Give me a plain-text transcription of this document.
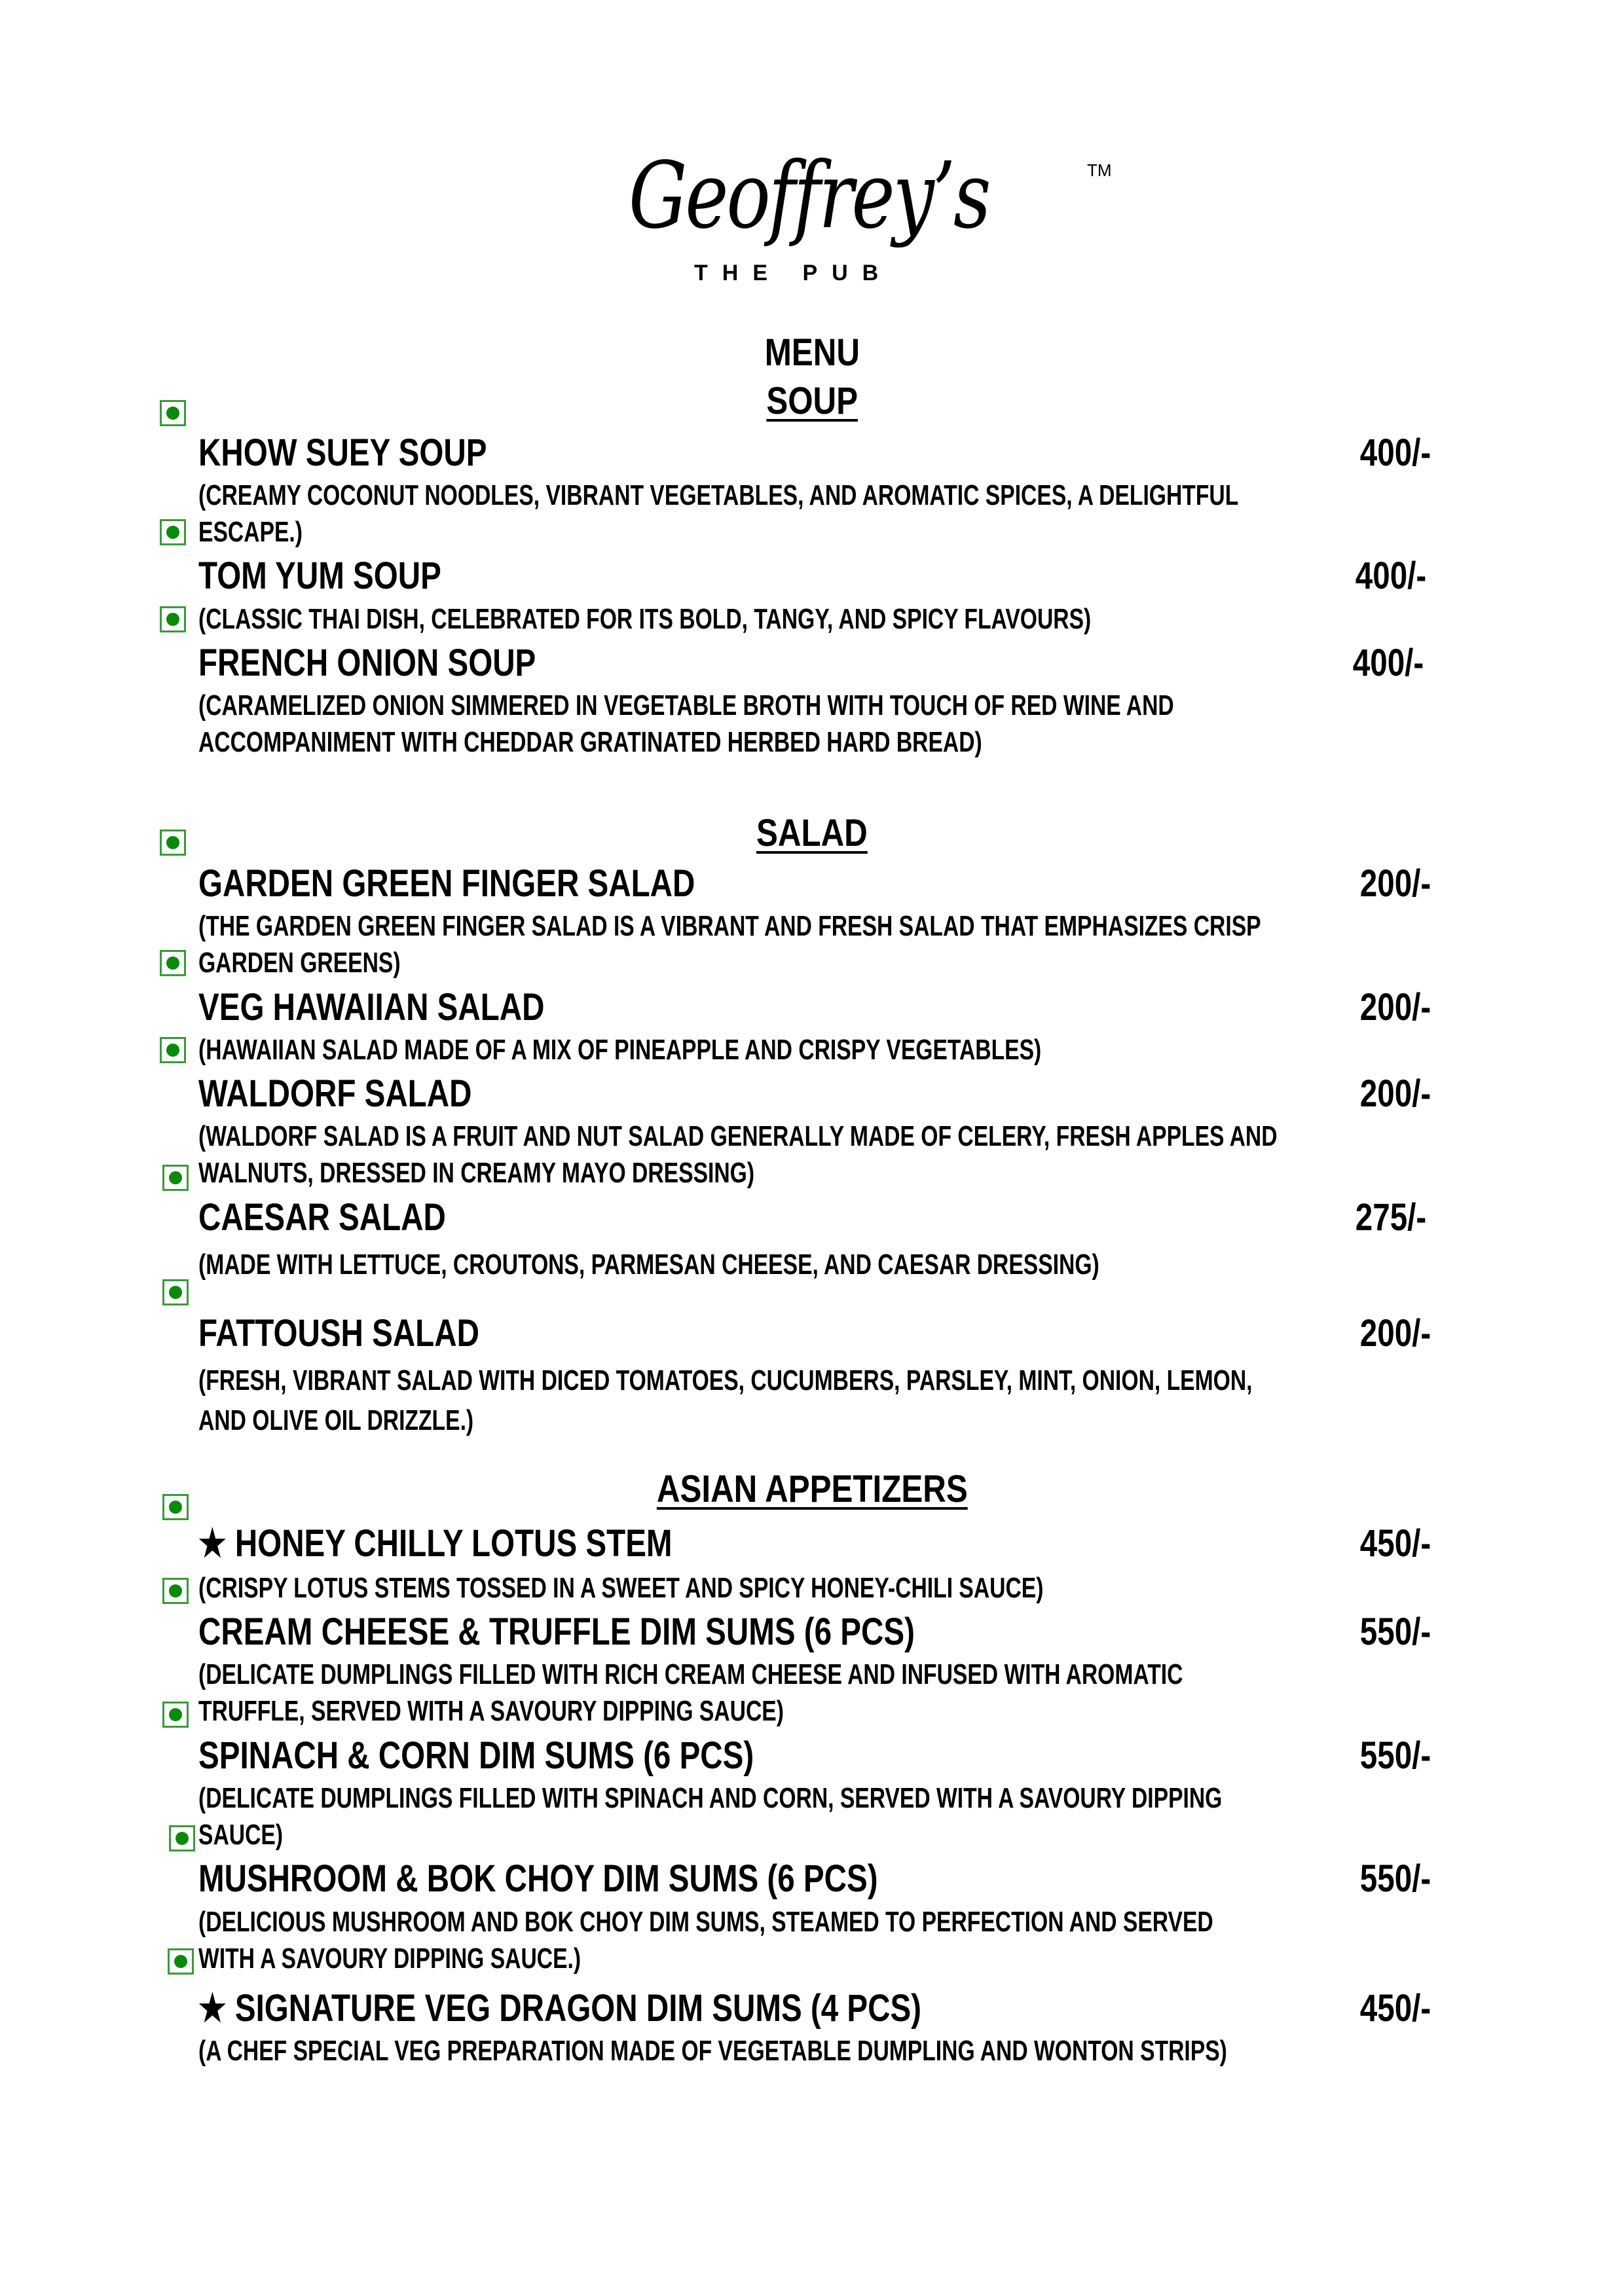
Geoffrey’s	TM
THE PUB
MENU
SOUP
KHOW SUEY SOUP	400/-
(CREAMY COCONUT NOODLES, VIBRANT VEGETABLES, AND AROMATIC SPICES, A DELIGHTFUL
ESCAPE.)
TOM YUM SOUP	400/-
(CLASSIC THAI DISH, CELEBRATED FOR ITS BOLD, TANGY, AND SPICY FLAVOURS)
FRENCH ONION SOUP	400/-
(CARAMELIZED ONION SIMMERED IN VEGETABLE BROTH WITH TOUCH OF RED WINE AND
ACCOMPANIMENT WITH CHEDDAR GRATINATED HERBED HARD BREAD)
SALAD
GARDEN GREEN FINGER SALAD	200/-
(THE GARDEN GREEN FINGER SALAD IS A VIBRANT AND FRESH SALAD THAT EMPHASIZES CRISP
GARDEN GREENS)
VEG HAWAIIAN SALAD	200/-
(HAWAIIAN SALAD MADE OF A MIX OF PINEAPPLE AND CRISPY VEGETABLES)
WALDORF SALAD	200/-
(WALDORF SALAD IS A FRUIT AND NUT SALAD GENERALLY MADE OF CELERY, FRESH APPLES AND
WALNUTS, DRESSED IN CREAMY MAYO DRESSING)
CAESAR SALAD	275/-
(MADE WITH LETTUCE, CROUTONS, PARMESAN CHEESE, AND CAESAR DRESSING)
FATTOUSH SALAD	200/-
(FRESH, VIBRANT SALAD WITH DICED TOMATOES, CUCUMBERS, PARSLEY, MINT, ONION, LEMON,
AND OLIVE OIL DRIZZLE.)
ASIAN APPETIZERS
★ HONEY CHILLY LOTUS STEM	450/-
(CRISPY LOTUS STEMS TOSSED IN A SWEET AND SPICY HONEY-CHILI SAUCE)
CREAM CHEESE & TRUFFLE DIM SUMS (6 PCS)	550/-
(DELICATE DUMPLINGS FILLED WITH RICH CREAM CHEESE AND INFUSED WITH AROMATIC
TRUFFLE, SERVED WITH A SAVOURY DIPPING SAUCE)
SPINACH & CORN DIM SUMS (6 PCS)	550/-
(DELICATE DUMPLINGS FILLED WITH SPINACH AND CORN, SERVED WITH A SAVOURY DIPPING
SAUCE)
MUSHROOM & BOK CHOY DIM SUMS (6 PCS)	550/-
(DELICIOUS MUSHROOM AND BOK CHOY DIM SUMS, STEAMED TO PERFECTION AND SERVED
WITH A SAVOURY DIPPING SAUCE.)
★ SIGNATURE VEG DRAGON DIM SUMS (4 PCS)	450/-
(A CHEF SPECIAL VEG PREPARATION MADE OF VEGETABLE DUMPLING AND WONTON STRIPS)
